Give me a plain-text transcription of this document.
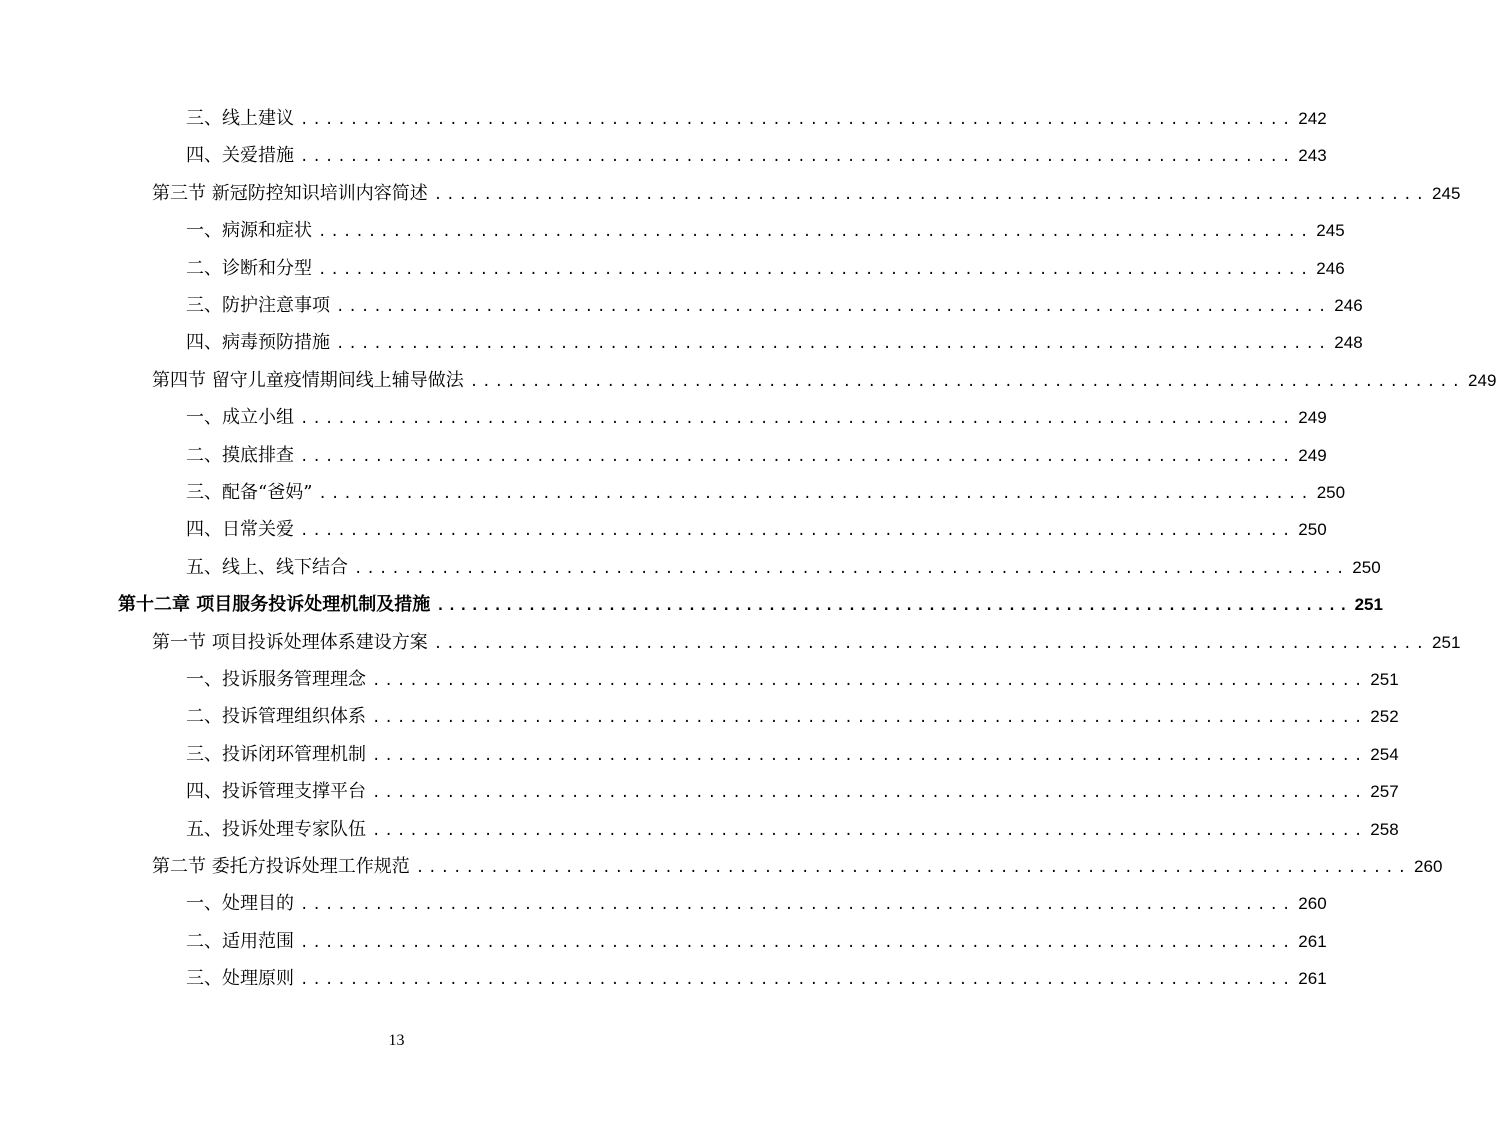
三、线上建议 ................................................................................ 242
四、关爱措施 ................................................................................ 243
第三节 新冠防控知识培训内容简述 ................................................................................ 245
一、病源和症状 ................................................................................ 245
二、诊断和分型 ................................................................................ 246
三、防护注意事项 ................................................................................ 246
四、病毒预防措施 ................................................................................ 248
第四节 留守儿童疫情期间线上辅导做法 ................................................................................ 249
一、成立小组 ................................................................................ 249
二、摸底排查 ................................................................................ 249
三、配备“爸妈” ................................................................................ 250
四、日常关爱 ................................................................................ 250
五、线上、线下结合 ................................................................................ 250
第十二章 项目服务投诉处理机制及措施 ................................................................................ 251
第一节 项目投诉处理体系建设方案 ................................................................................ 251
一、投诉服务管理理念 ................................................................................ 251
二、投诉管理组织体系 ................................................................................ 252
三、投诉闭环管理机制 ................................................................................ 254
四、投诉管理支撑平台 ................................................................................ 257
五、投诉处理专家队伍 ................................................................................ 258
第二节 委托方投诉处理工作规范 ................................................................................ 260
一、处理目的 ................................................................................ 260
二、适用范围 ................................................................................ 261
三、处理原则 ................................................................................ 261
13
